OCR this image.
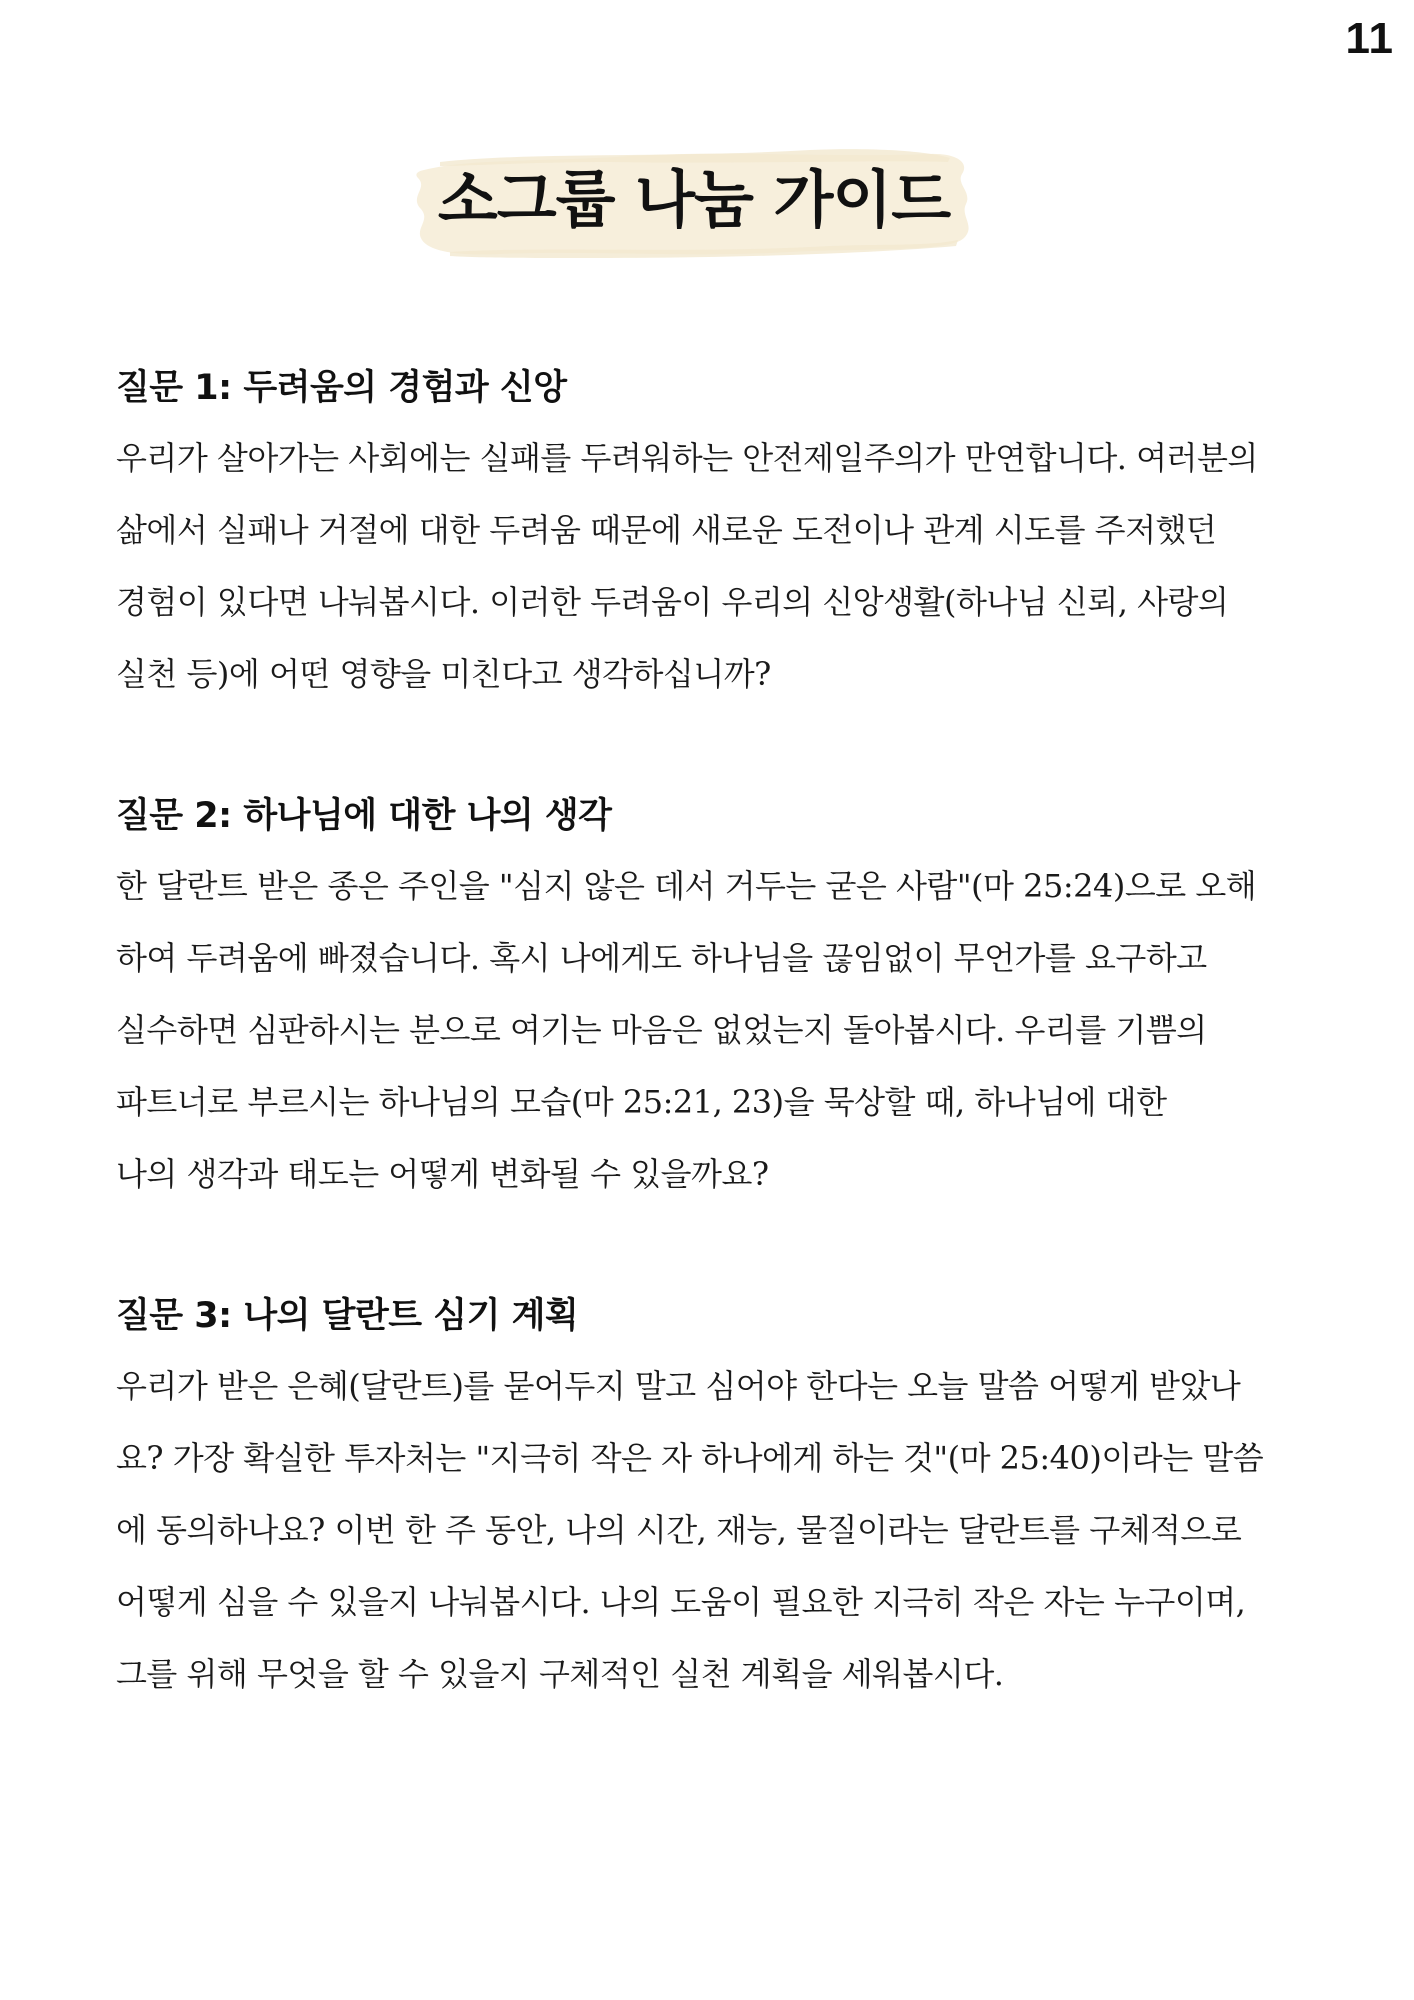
11
소그룹 나눔 가이드
질문 1: 두려움의 경험과 신앙
우리가 살아가는 사회에는 실패를 두려워하는 안전제일주의가 만연합니다. 여러분의
삶에서 실패나 거절에 대한 두려움 때문에 새로운 도전이나 관계 시도를 주저했던
경험이 있다면 나눠봅시다. 이러한 두려움이 우리의 신앙생활(하나님 신뢰, 사랑의
실천 등)에 어떤 영향을 미친다고 생각하십니까?
질문 2: 하나님에 대한 나의 생각
한 달란트 받은 종은 주인을 "심지 않은 데서 거두는 굳은 사람"(마 25:24)으로 오해
하여 두려움에 빠졌습니다. 혹시 나에게도 하나님을 끊임없이 무언가를 요구하고
실수하면 심판하시는 분으로 여기는 마음은 없었는지 돌아봅시다. 우리를 기쁨의
파트너로 부르시는 하나님의 모습(마 25:21, 23)을 묵상할 때, 하나님에 대한
나의 생각과 태도는 어떻게 변화될 수 있을까요?
질문 3: 나의 달란트 심기 계획
우리가 받은 은혜(달란트)를 묻어두지 말고 심어야 한다는 오늘 말씀 어떻게 받았나
요? 가장 확실한 투자처는 "지극히 작은 자 하나에게 하는 것"(마 25:40)이라는 말씀
에 동의하나요? 이번 한 주 동안, 나의 시간, 재능, 물질이라는 달란트를 구체적으로
어떻게 심을 수 있을지 나눠봅시다. 나의 도움이 필요한 지극히 작은 자는 누구이며,
그를 위해 무엇을 할 수 있을지 구체적인 실천 계획을 세워봅시다.
